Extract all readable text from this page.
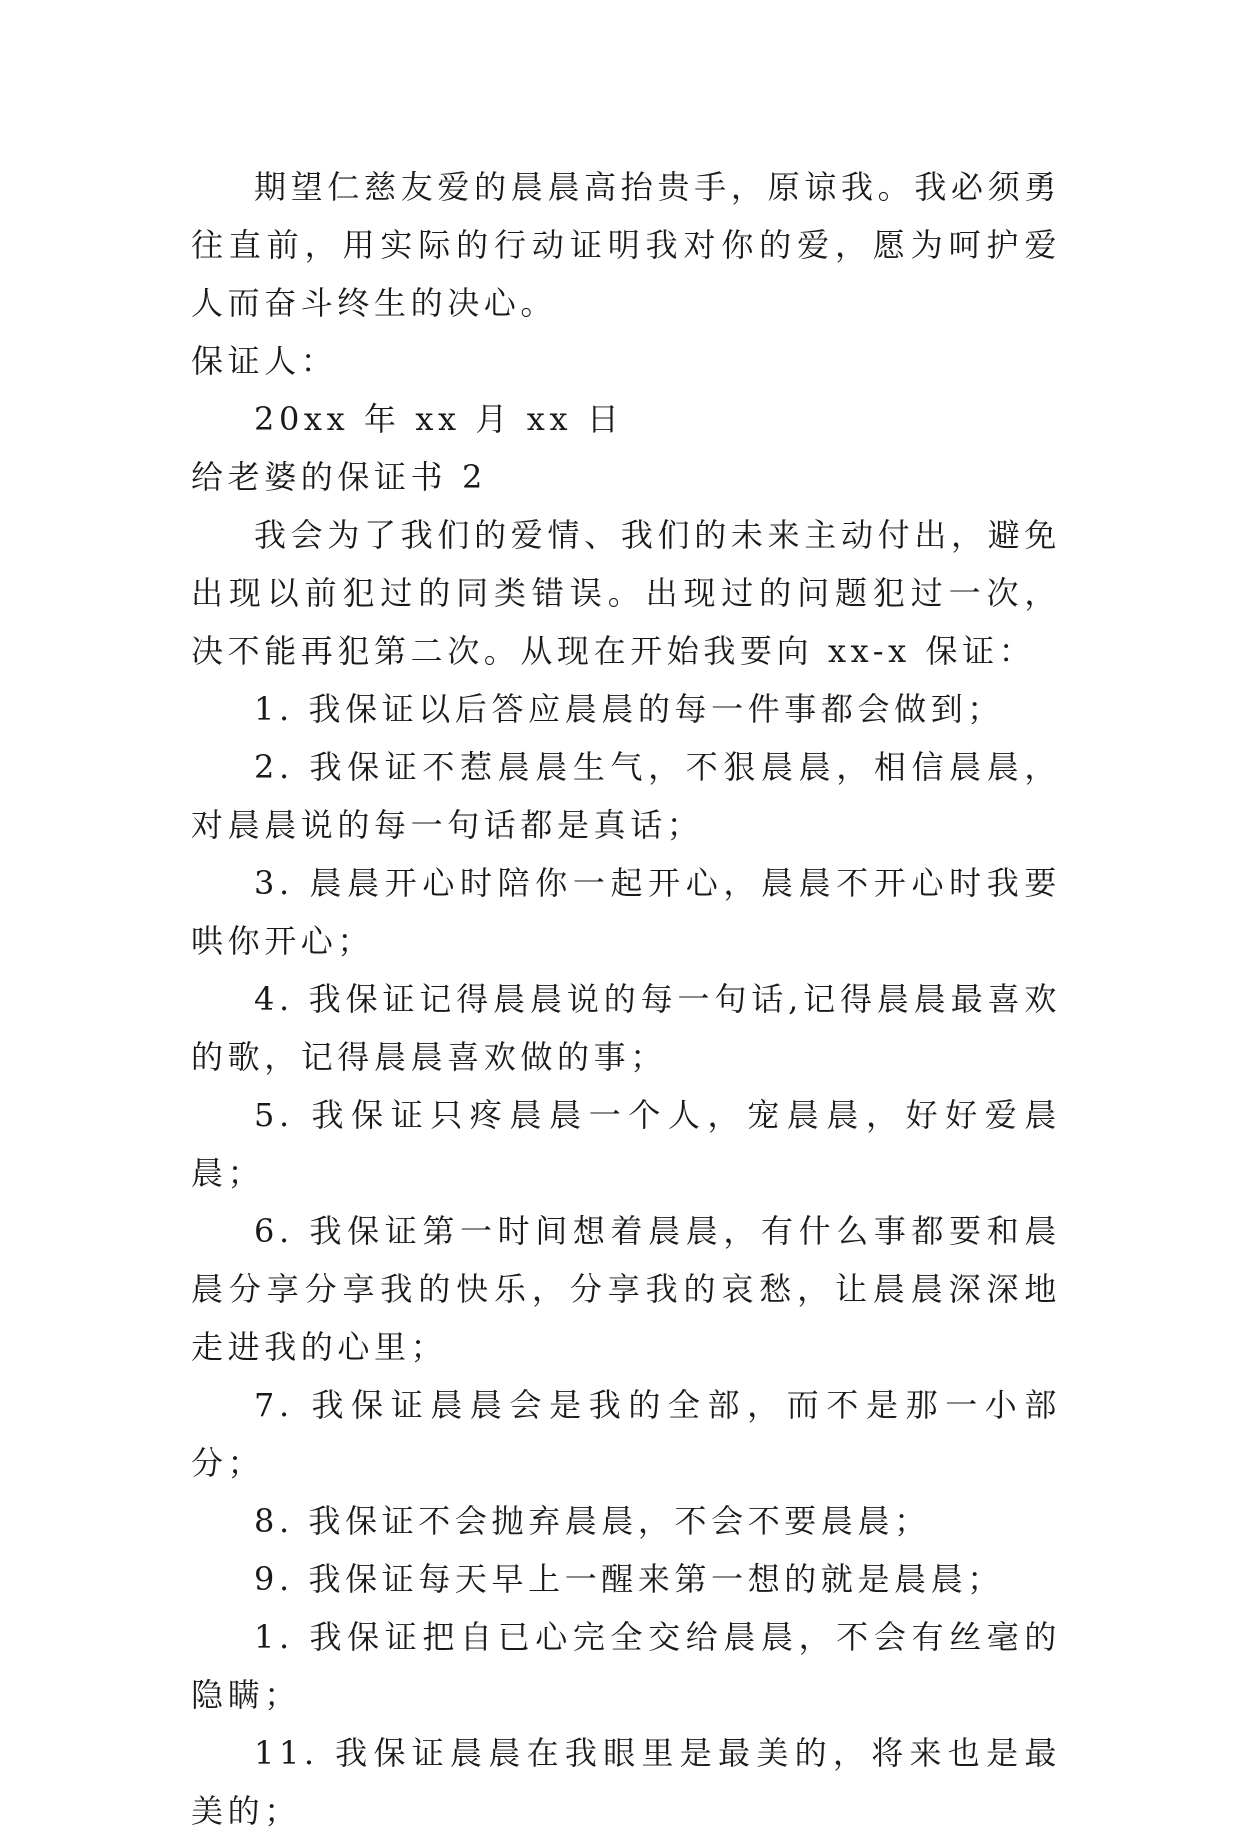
期望仁慈友爱的晨晨高抬贵手，原谅我。我必须勇往直前，用实际的行动证明我对你的爱，愿为呵护爱人而奋斗终生的决心。

保证人：

20xx 年 xx 月 xx 日

给老婆的保证书 2

我会为了我们的爱情、我们的未来主动付出，避免出现以前犯过的同类错误。出现过的问题犯过一次，决不能再犯第二次。从现在开始我要向 xx-x 保证：

1. 我保证以后答应晨晨的每一件事都会做到；

2. 我保证不惹晨晨生气，不狠晨晨，相信晨晨，对晨晨说的每一句话都是真话；

3. 晨晨开心时陪你一起开心，晨晨不开心时我要哄你开心；

4. 我保证记得晨晨说的每一句话,记得晨晨最喜欢的歌，记得晨晨喜欢做的事；

5. 我保证只疼晨晨一个人，宠晨晨，好好爱晨晨；

6. 我保证第一时间想着晨晨，有什么事都要和晨晨分享分享我的快乐，分享我的哀愁，让晨晨深深地走进我的心里；

7. 我保证晨晨会是我的全部，而不是那一小部分；

8. 我保证不会抛弃晨晨，不会不要晨晨；

9. 我保证每天早上一醒来第一想的就是晨晨；

1. 我保证把自已心完全交给晨晨，不会有丝毫的隐瞒；

11. 我保证晨晨在我眼里是最美的，将来也是最美的；
